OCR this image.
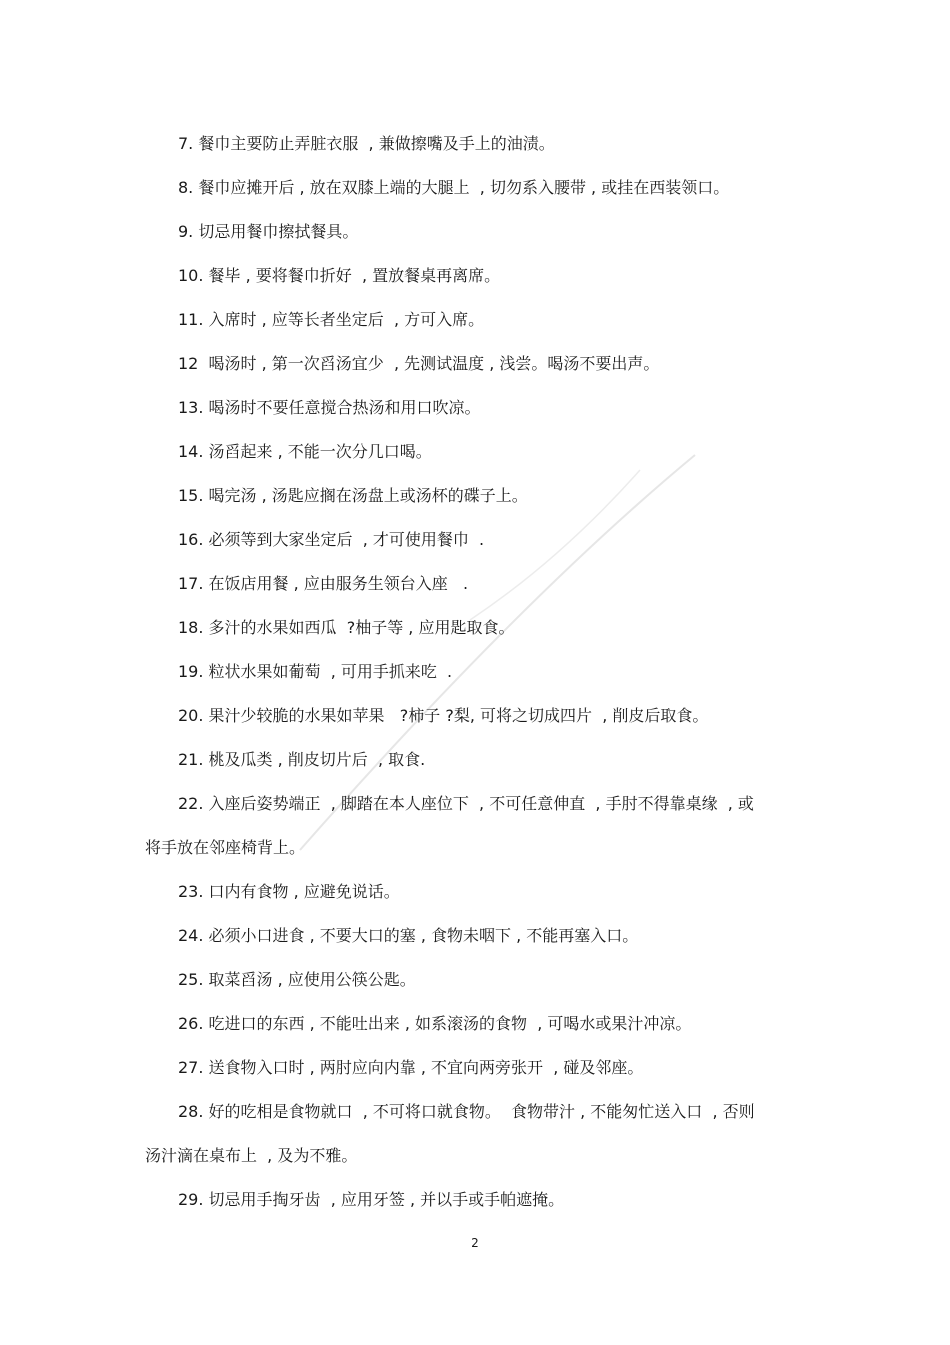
7. 餐巾主要防止弄脏衣服  , 兼做擦嘴及手上的油渍。
8. 餐巾应摊开后 , 放在双膝上端的大腿上  , 切勿系入腰带 , 或挂在西装领口。
9. 切忌用餐巾擦拭餐具。
10. 餐毕 , 要将餐巾折好  , 置放餐桌再离席。
11. 入席时 , 应等长者坐定后  , 方可入席。
12  喝汤时 , 第一次舀汤宜少  , 先测试温度 , 浅尝。喝汤不要出声。
13. 喝汤时不要任意搅合热汤和用口吹凉。
14. 汤舀起来 , 不能一次分几口喝。
15. 喝完汤 , 汤匙应搁在汤盘上或汤杯的碟子上。
16. 必须等到大家坐定后  , 才可使用餐巾  .
17. 在饭店用餐 , 应由服务生领台入座   .
18. 多汁的水果如西瓜  ?柚子等 , 应用匙取食。
19. 粒状水果如葡萄  , 可用手抓来吃  .
20. 果汁少较脆的水果如苹果   ?柿子 ?梨, 可将之切成四片  , 削皮后取食。
21. 桃及瓜类 , 削皮切片后  , 取食.
22. 入座后姿势端正  , 脚踏在本人座位下  , 不可任意伸直  , 手肘不得靠桌缘  , 或
将手放在邻座椅背上。
23. 口内有食物 , 应避免说话。
24. 必须小口进食 , 不要大口的塞 , 食物未咽下 , 不能再塞入口。
25. 取菜舀汤 , 应使用公筷公匙。
26. 吃进口的东西 , 不能吐出来 , 如系滚汤的食物  , 可喝水或果汁冲凉。
27. 送食物入口时 , 两肘应向内靠 , 不宜向两旁张开  , 碰及邻座。
28. 好的吃相是食物就口  , 不可将口就食物。  食物带汁 , 不能匆忙送入口  , 否则
汤汁滴在桌布上  , 及为不雅。
29. 切忌用手掏牙齿  , 应用牙签 , 并以手或手帕遮掩。
2
